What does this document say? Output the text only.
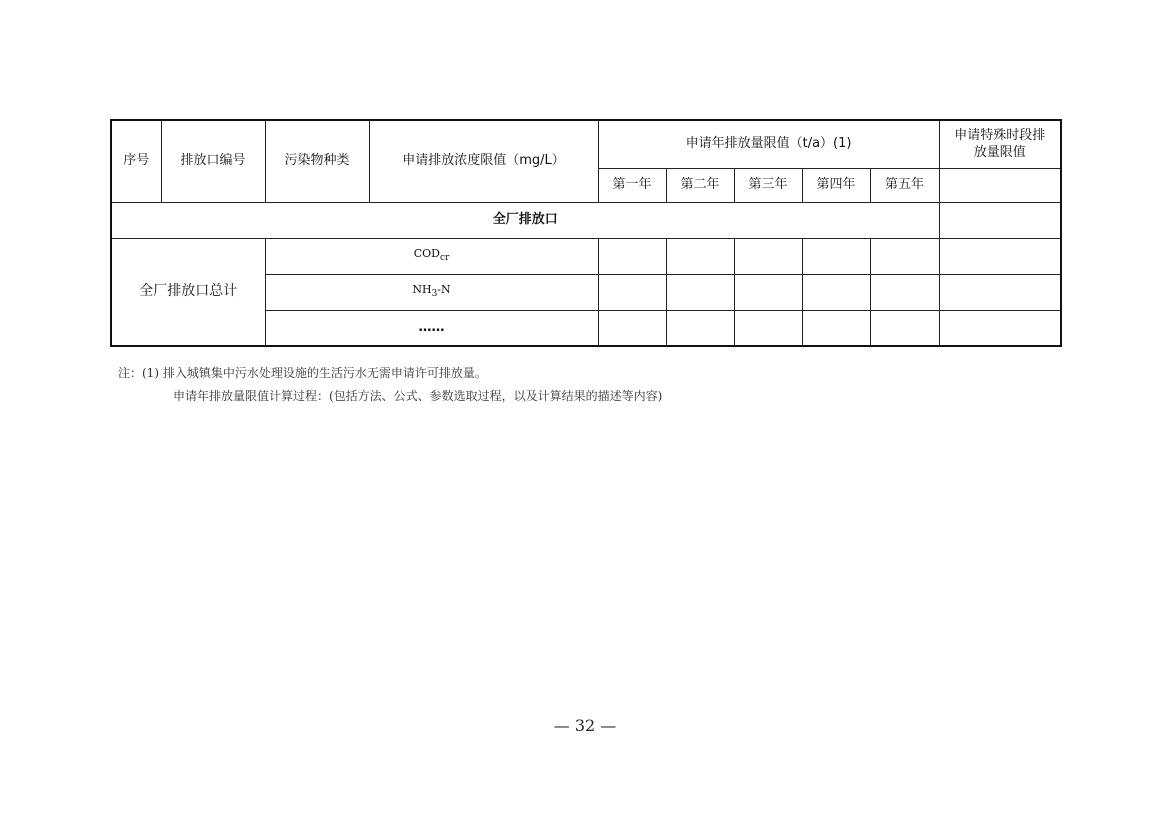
序号	排放口编号	污染物种类	申请排放浓度限值（mg/L）	申请年排放量限值（t/a）(1)					申请特殊时段排放量限值
				第一年	第二年	第三年	第四年	第五年	
全厂排放口									
全厂排放口总计		$COD_{cr}$						
		$NH_3-N$							
		……							
注：(1) 排入城镇集中污水处理设施的生活污水无需申请许可排放量。
申请年排放量限值计算过程：(包括方法、公式、参数选取过程，以及计算结果的描述等内容)
— 32 —
